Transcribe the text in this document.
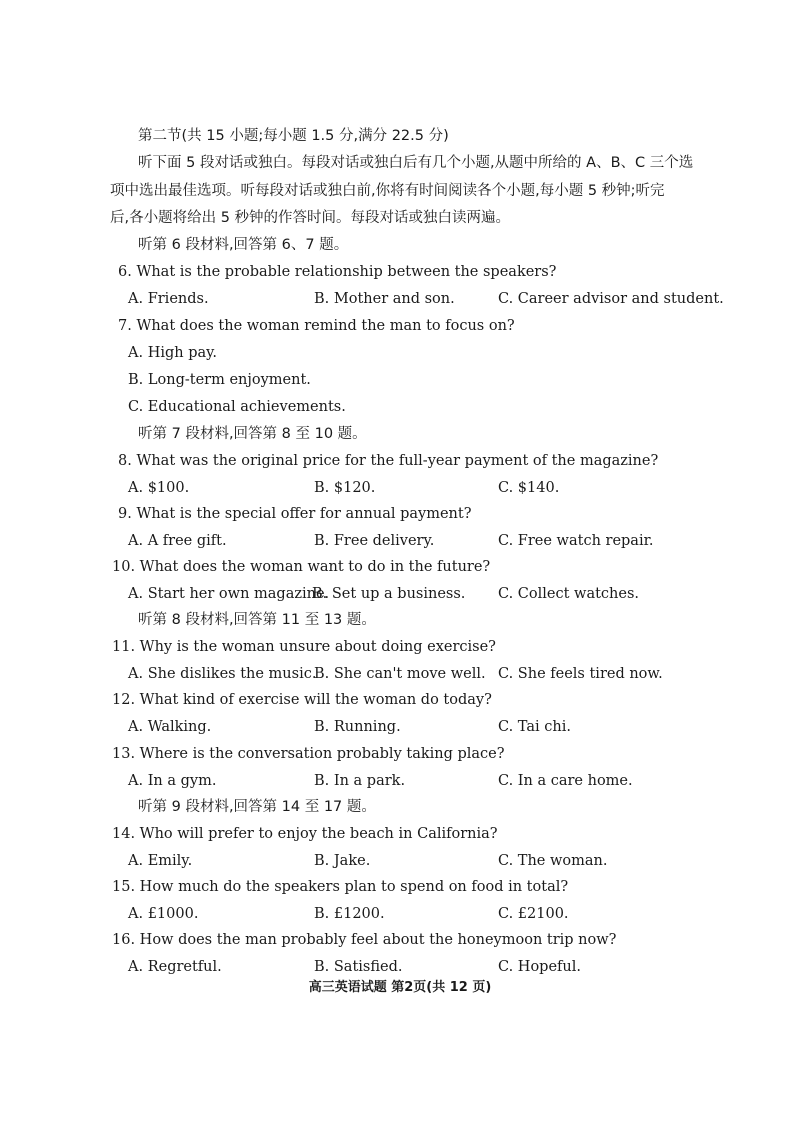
第二节(共 15 小题;每小题 1.5 分,满分 22.5 分)
听下面 5 段对话或独白。每段对话或独白后有几个小题,从题中所给的 A、B、C 三个选
项中选出最佳选项。听每段对话或独白前,你将有时间阅读各个小题,每小题 5 秒钟;听完
后,各小题将给出 5 秒钟的作答时间。每段对话或独白读两遍。
听第 6 段材料,回答第 6、7 题。
6. What is the probable relationship between the speakers?
A. Friends.	B. Mother and son.	C. Career advisor and student.
7. What does the woman remind the man to focus on?
A. High pay.
B. Long-term enjoyment.
C. Educational achievements.
听第 7 段材料,回答第 8 至 10 题。
8. What was the original price for the full-year payment of the magazine?
A. $100.	B. $120.	C. $140.
9. What is the special offer for annual payment?
A. A free gift.	B. Free delivery.	C. Free watch repair.
10. What does the woman want to do in the future?
A. Start her own magazine.
B. Set up a business. C. Collect watches.
听第 8 段材料,回答第 11 至 13 题。
11. Why is the woman unsure about doing exercise?
A. She dislikes the music.
B. She can't move well. C. She feels tired now.
12. What kind of exercise will the woman do today?
A. Walking.	B. Running.	C. Tai chi.
13. Where is the conversation probably taking place?
A. In a gym.	B. In a park.	C. In a care home.
听第 9 段材料,回答第 14 至 17 题。
14. Who will prefer to enjoy the beach in California?
A. Emily.	B. Jake.	C. The woman.
15. How much do the speakers plan to spend on food in total?
A. £1000.	B. £1200.	C. £2100.
16. How does the man probably feel about the honeymoon trip now?
A. Regretful.	B. Satisfied.	C. Hopeful.
高三英语试题 第2页(共 12 页)
